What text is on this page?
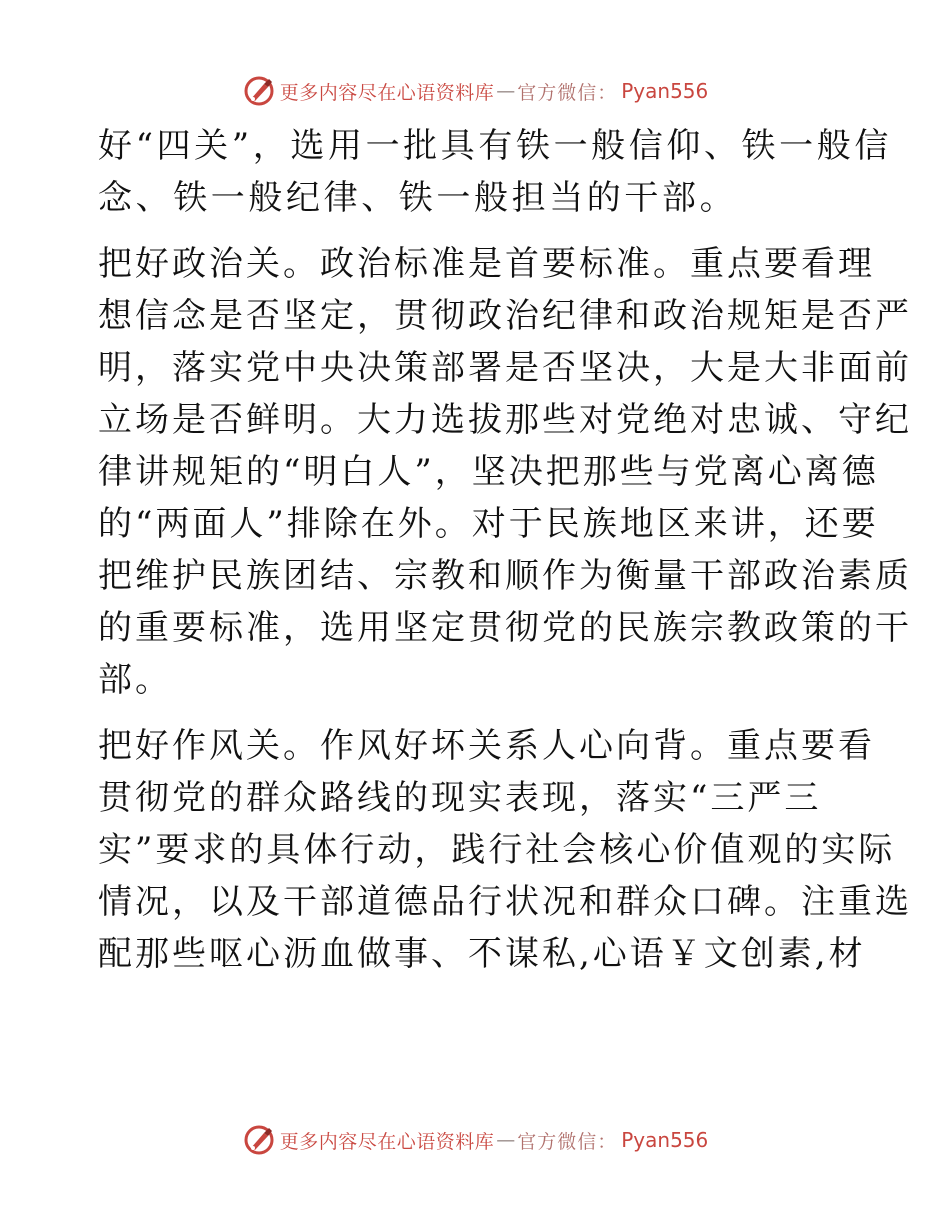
更多内容尽在心语资料库 — 官方微信： Pyan556

好“四关”，选用一批具有铁一般信仰、铁一般信
念、铁一般纪律、铁一般担当的干部。

把好政治关。政治标准是首要标准。重点要看理
想信念是否坚定，贯彻政治纪律和政治规矩是否严
明，落实党中央决策部署是否坚决，大是大非面前
立场是否鲜明。大力选拔那些对党绝对忠诚、守纪
律讲规矩的“明白人”，坚决把那些与党离心离德
的“两面人”排除在外。对于民族地区来讲，还要
把维护民族团结、宗教和顺作为衡量干部政治素质
的重要标准，选用坚定贯彻党的民族宗教政策的干
部。

把好作风关。作风好坏关系人心向背。重点要看
贯彻党的群众路线的现实表现，落实“三严三
实”要求的具体行动，践行社会核心价值观的实际
情况，以及干部道德品行状况和群众口碑。注重选
配那些呕心沥血做事、不谋私,心语￥文创素,材

更多内容尽在心语资料库 — 官方微信： Pyan556
